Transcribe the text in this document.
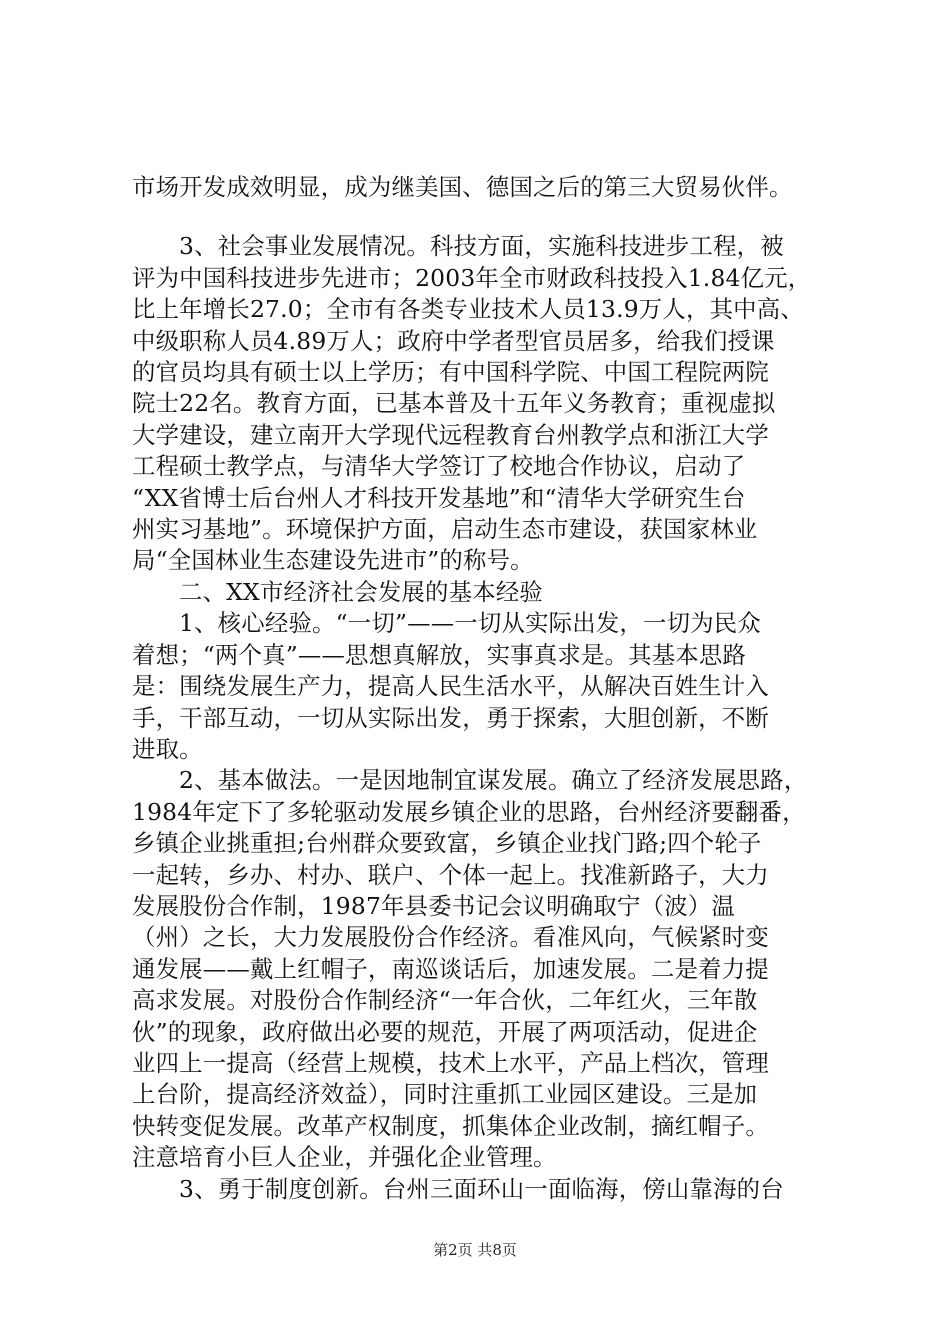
市场开发成效明显，成为继美国、德国之后的第三大贸易伙伴。

3、社会事业发展情况。科技方面，实施科技进步工程，被
评为中国科技进步先进市；2003年全市财政科技投入1.84亿元，
比上年增长27.0；全市有各类专业技术人员13.9万人，其中高、
中级职称人员4.89万人；政府中学者型官员居多，给我们授课
的官员均具有硕士以上学历；有中国科学院、中国工程院两院
院士22名。教育方面，已基本普及十五年义务教育；重视虚拟
大学建设，建立南开大学现代远程教育台州教学点和浙江大学
工程硕士教学点，与清华大学签订了校地合作协议，启动了
“XX省博士后台州人才科技开发基地”和“清华大学研究生台
州实习基地”。环境保护方面，启动生态市建设，获国家林业
局“全国林业生态建设先进市”的称号。

二、XX市经济社会发展的基本经验

1、核心经验。“一切”——一切从实际出发，一切为民众
着想；“两个真”——思想真解放，实事真求是。其基本思路
是：围绕发展生产力，提高人民生活水平，从解决百姓生计入
手，干部互动，一切从实际出发，勇于探索，大胆创新，不断
进取。

2、基本做法。一是因地制宜谋发展。确立了经济发展思路，
1984年定下了多轮驱动发展乡镇企业的思路，台州经济要翻番，
乡镇企业挑重担;台州群众要致富，乡镇企业找门路;四个轮子
一起转，乡办、村办、联户、个体一起上。找准新路子，大力
发展股份合作制，1987年县委书记会议明确取宁（波）温
（州）之长，大力发展股份合作经济。看准风向，气候紧时变
通发展——戴上红帽子，南巡谈话后，加速发展。二是着力提
高求发展。对股份合作制经济“一年合伙，二年红火，三年散
伙”的现象，政府做出必要的规范，开展了两项活动，促进企
业四上一提高（经营上规模，技术上水平，产品上档次，管理
上台阶，提高经济效益），同时注重抓工业园区建设。三是加
快转变促发展。改革产权制度，抓集体企业改制，摘红帽子。
注意培育小巨人企业，并强化企业管理。

3、勇于制度创新。台州三面环山一面临海，傍山靠海的台

第2页 共8页
